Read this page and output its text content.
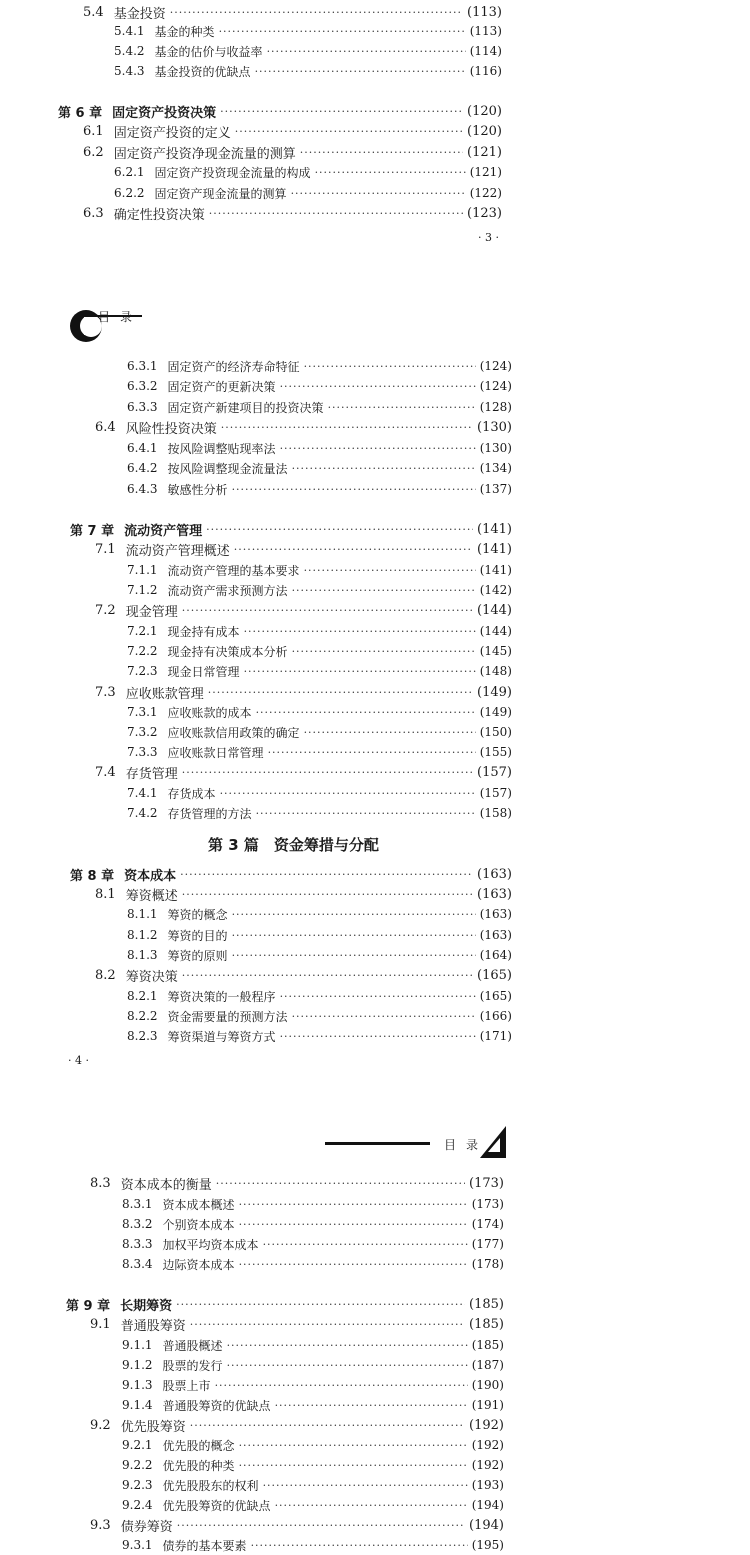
5.4 基金投资 ·····	(113)
5.4.1 基金的种类 ·····	(113)
5.4.2 基金的估价与收益率 ·····	(114)
5.4.3 基金投资的优缺点 ·····	(116)
第 6 章 固定资产投资决策 ·····	(120)
6.1 固定资产投资的定义 ·····	(120)
6.2 固定资产投资净现金流量的测算 ·····	(121)
6.2.1 固定资产投资现金流量的构成 ·····	(121)
6.2.2 固定资产现金流量的测算 ·····	(122)
6.3 确定性投资决策 ·····	(123)
· 3 ·
目录
6.3.1 固定资产的经济寿命特征 ·····	(124)
6.3.2 固定资产的更新决策 ·····	(124)
6.3.3 固定资产新建项目的投资决策 ·····	(128)
6.4 风险性投资决策 ·····	(130)
6.4.1 按风险调整贴现率法 ·····	(130)
6.4.2 按风险调整现金流量法 ·····	(134)
6.4.3 敏感性分析 ·····	(137)
第 7 章 流动资产管理 ·····	(141)
7.1 流动资产管理概述 ·····	(141)
7.1.1 流动资产管理的基本要求 ·····	(141)
7.1.2 流动资产需求预测方法 ·····	(142)
7.2 现金管理 ·····	(144)
7.2.1 现金持有成本 ·····	(144)
7.2.2 现金持有决策成本分析 ·····	(145)
7.2.3 现金日常管理 ·····	(148)
7.3 应收账款管理 ·····	(149)
7.3.1 应收账款的成本 ·····	(149)
7.3.2 应收账款信用政策的确定 ·····	(150)
7.3.3 应收账款日常管理 ·····	(155)
7.4 存货管理 ·····	(157)
7.4.1 存货成本 ·····	(157)
7.4.2 存货管理的方法 ·····	(158)
第 3 篇　资金筹措与分配
第 8 章 资本成本 ·····	(163)
8.1 筹资概述 ·····	(163)
8.1.1 筹资的概念 ·····	(163)
8.1.2 筹资的目的 ·····	(163)
8.1.3 筹资的原则 ·····	(164)
8.2 筹资决策 ·····	(165)
8.2.1 筹资决策的一般程序 ·····	(165)
8.2.2 资金需要量的预测方法 ·····	(166)
8.2.3 筹资渠道与筹资方式 ·····	(171)
· 4 ·
目录
8.3 资本成本的衡量 ·····	(173)
8.3.1 资本成本概述 ·····	(173)
8.3.2 个别资本成本 ·····	(174)
8.3.3 加权平均资本成本 ·····	(177)
8.3.4 边际资本成本 ·····	(178)
第 9 章 长期筹资 ·····	(185)
9.1 普通股筹资 ·····	(185)
9.1.1 普通股概述 ·····	(185)
9.1.2 股票的发行 ·····	(187)
9.1.3 股票上市 ·····	(190)
9.1.4 普通股筹资的优缺点 ·····	(191)
9.2 优先股筹资 ·····	(192)
9.2.1 优先股的概念 ·····	(192)
9.2.2 优先股的种类 ·····	(192)
9.2.3 优先股股东的权利 ·····	(193)
9.2.4 优先股筹资的优缺点 ·····	(194)
9.3 债券筹资 ·····	(194)
9.3.1 债券的基本要素 ·····	(195)
